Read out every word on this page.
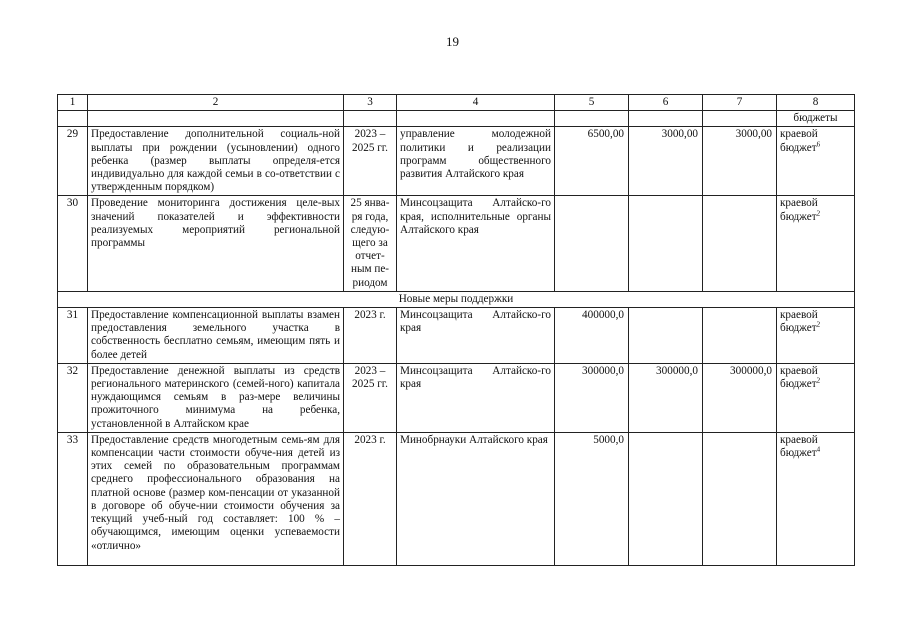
19
1	2	3	4	5	6	7	8
							бюджеты
29	Предоставление дополнительной социаль-ной выплаты при рождении (усыновлении) одного ребенка (размер выплаты определя-ется индивидуально для каждой семьи в со-ответствии с утвержденным порядком)	2023 – 2025 гг.	управление молодежной политики и реализации программ общественного развития Алтайского края	6500,00	3000,00	3000,00	краевой бюджет$^6$
30	Проведение мониторинга достижения целе-вых значений показателей и эффективности реализуемых мероприятий региональной программы	25 янва-ря года, следую-щего за отчет-ным пе-риодом	Минсоцзащита Алтайско-го края, исполнительные органы Алтайского края				краевой бюджет$^2$
Новые меры поддержки							
31	Предоставление компенсационной выплаты взамен предоставления земельного участка в собственность бесплатно семьям, имеющим пять и более детей	2023 г.	Минсоцзащита Алтайско-го края	400000,0			краевой бюджет$^2$
32	Предоставление денежной выплаты из средств регионального материнского (семей-ного) капитала нуждающимся семьям в раз-мере величины прожиточного минимума на ребенка, установленной в Алтайском крае	2023 – 2025 гг.	Минсоцзащита Алтайско-го края	300000,0	300000,0	300000,0	краевой бюджет$^2$
33	Предоставление средств многодетным семь-ям для компенсации части стоимости обуче-ния детей из этих семей по образовательным программам среднего профессионального образования на платной основе (размер ком-пенсации от указанной в договоре об обуче-нии стоимости обучения за текущий учеб-ный год составляет: 100 % – обучающимся, имеющим оценки успеваемости «отлично»	2023 г.	Минобрнауки Алтайского края	5000,0			краевой бюджет$^4$
